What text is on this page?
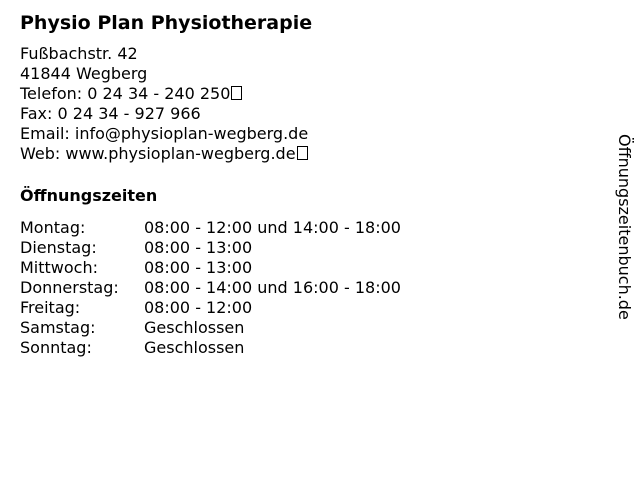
Physio Plan Physiotherapie
Fußbachstr. 42
41844 Wegberg
Telefon: 0 24 34 - 240 250
Fax: 0 24 34 - 927 966
Email: info@physioplan-wegberg.de
Web: www.physioplan-wegberg.de
Öffnungszeiten
Montag:	08:00 - 12:00 und 14:00 - 18:00
Dienstag:	08:00 - 13:00
Mittwoch:	08:00 - 13:00
Donnerstag:	08:00 - 14:00 und 16:00 - 18:00
Freitag:	08:00 - 12:00
Samstag:	Geschlossen
Sonntag:	Geschlossen
Öffnungszeitenbuch.de
